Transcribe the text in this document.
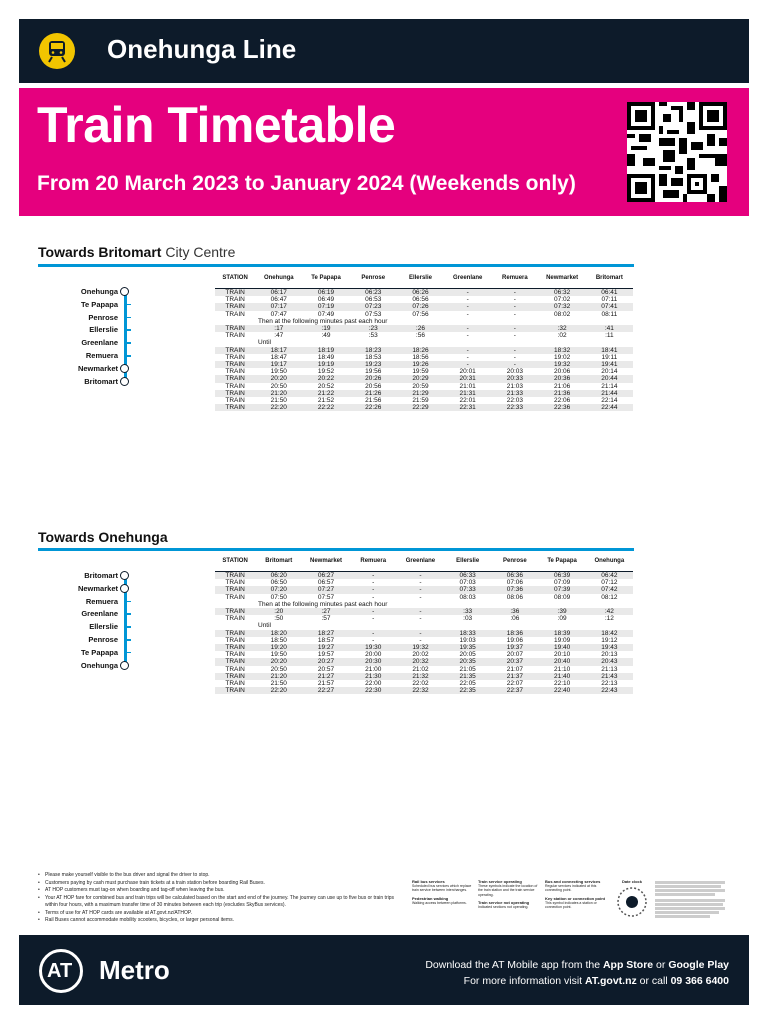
Onehunga Line
Train Timetable
From 20 March 2023 to January 2024 (Weekends only)
Towards Britomart City Centre
Onehunga
Te Papapa
Penrose
Ellerslie
Greenlane
Remuera
Newmarket
Britomart
STATION	Onehunga	Te Papapa	Penrose	Ellerslie	Greenlane	Remuera	Newmarket	Britomart
TRAIN	06:17	06:19	06:23	06:26	-	-	06:32	06:41
TRAIN	06:47	06:49	06:53	06:56	-	-	07:02	07:11
TRAIN	07:17	07:19	07:23	07:26	-	-	07:32	07:41
TRAIN	07:47	07:49	07:53	07:56	-	-	08:02	08:11
Then at the following minutes past each hour								
TRAIN	:17	:19	:23	:26	-	-	:32	:41
TRAIN	:47	:49	:53	:56	-	-	:02	:11
Until								
TRAIN	18:17	18:19	18:23	18:26	-	-	18:32	18:41
TRAIN	18:47	18:49	18:53	18:56	-	-	19:02	19:11
TRAIN	19:17	19:19	19:23	19:26	-	-	19:32	19:41
TRAIN	19:50	19:52	19:56	19:59	20:01	20:03	20:06	20:14
TRAIN	20:20	20:22	20:26	20:29	20:31	20:33	20:36	20:44
TRAIN	20:50	20:52	20:56	20:59	21:01	21:03	21:06	21:14
TRAIN	21:20	21:22	21:26	21:29	21:31	21:33	21:36	21:44
TRAIN	21:50	21:52	21:56	21:59	22:01	22:03	22:06	22:14
TRAIN	22:20	22:22	22:26	22:29	22:31	22:33	22:36	22:44
Towards Onehunga
Britomart
Newmarket
Remuera
Greenlane
Ellerslie
Penrose
Te Papapa
Onehunga
STATION	Britomart	Newmarket	Remuera	Greenlane	Ellerslie	Penrose	Te Papapa	Onehunga
TRAIN	06:20	06:27	-	-	06:33	06:36	06:39	06:42
TRAIN	06:50	06:57	-	-	07:03	07:06	07:09	07:12
TRAIN	07:20	07:27	-	-	07:33	07:36	07:39	07:42
TRAIN	07:50	07:57	-	-	08:03	08:06	08:09	08:12
Then at the following minutes past each hour								
TRAIN	:20	:27	-	-	:33	:36	:39	:42
TRAIN	:50	:57	-	-	:03	:06	:09	:12
Until								
TRAIN	18:20	18:27	-	-	18:33	18:36	18:39	18:42
TRAIN	18:50	18:57	-	-	19:03	19:06	19:09	19:12
TRAIN	19:20	19:27	19:30	19:32	19:35	19:37	19:40	19:43
TRAIN	19:50	19:57	20:00	20:02	20:05	20:07	20:10	20:13
TRAIN	20:20	20:27	20:30	20:32	20:35	20:37	20:40	20:43
TRAIN	20:50	20:57	21:00	21:02	21:05	21:07	21:10	21:13
TRAIN	21:20	21:27	21:30	21:32	21:35	21:37	21:40	21:43
TRAIN	21:50	21:57	22:00	22:02	22:05	22:07	22:10	22:13
TRAIN	22:20	22:27	22:30	22:32	22:35	22:37	22:40	22:43
• Please make yourself visible to the bus driver and signal the driver to stop.
• Customers paying by cash must purchase train tickets at a train station before boarding Rail Buses.
• AT HOP customers must tag-on when boarding and tag-off when leaving the bus.
• Your AT HOP fare for combined bus and train trips will be calculated based on the start and end of the journey. The journey can use up to five bus or train trips within four hours, with a maximum transfer time of 30 minutes between each trip (excludes SkyBus services).
• Terms of use for AT HOP cards are available at AT.govt.nz/ATHOP.
• Rail Buses cannot accommodate mobility scooters, bicycles, or larger personal items.
Rail bus services
Scheduled bus services which replace train service between interchanges.

Pedestrian walking
Walking access between platforms.
Train service operating
These symbols indicate the location of the train station and the train service operating.

Train service not operating
Indicated sections not operating.
Bus and connecting services
Regular services indicated at this connecting point.

Key station or connection point
This symbol indicates a station or connection point.
Date clock
AT Metro	Download the AT Mobile app from the App Store or Google Play
For more information visit AT.govt.nz or call 09 366 6400
